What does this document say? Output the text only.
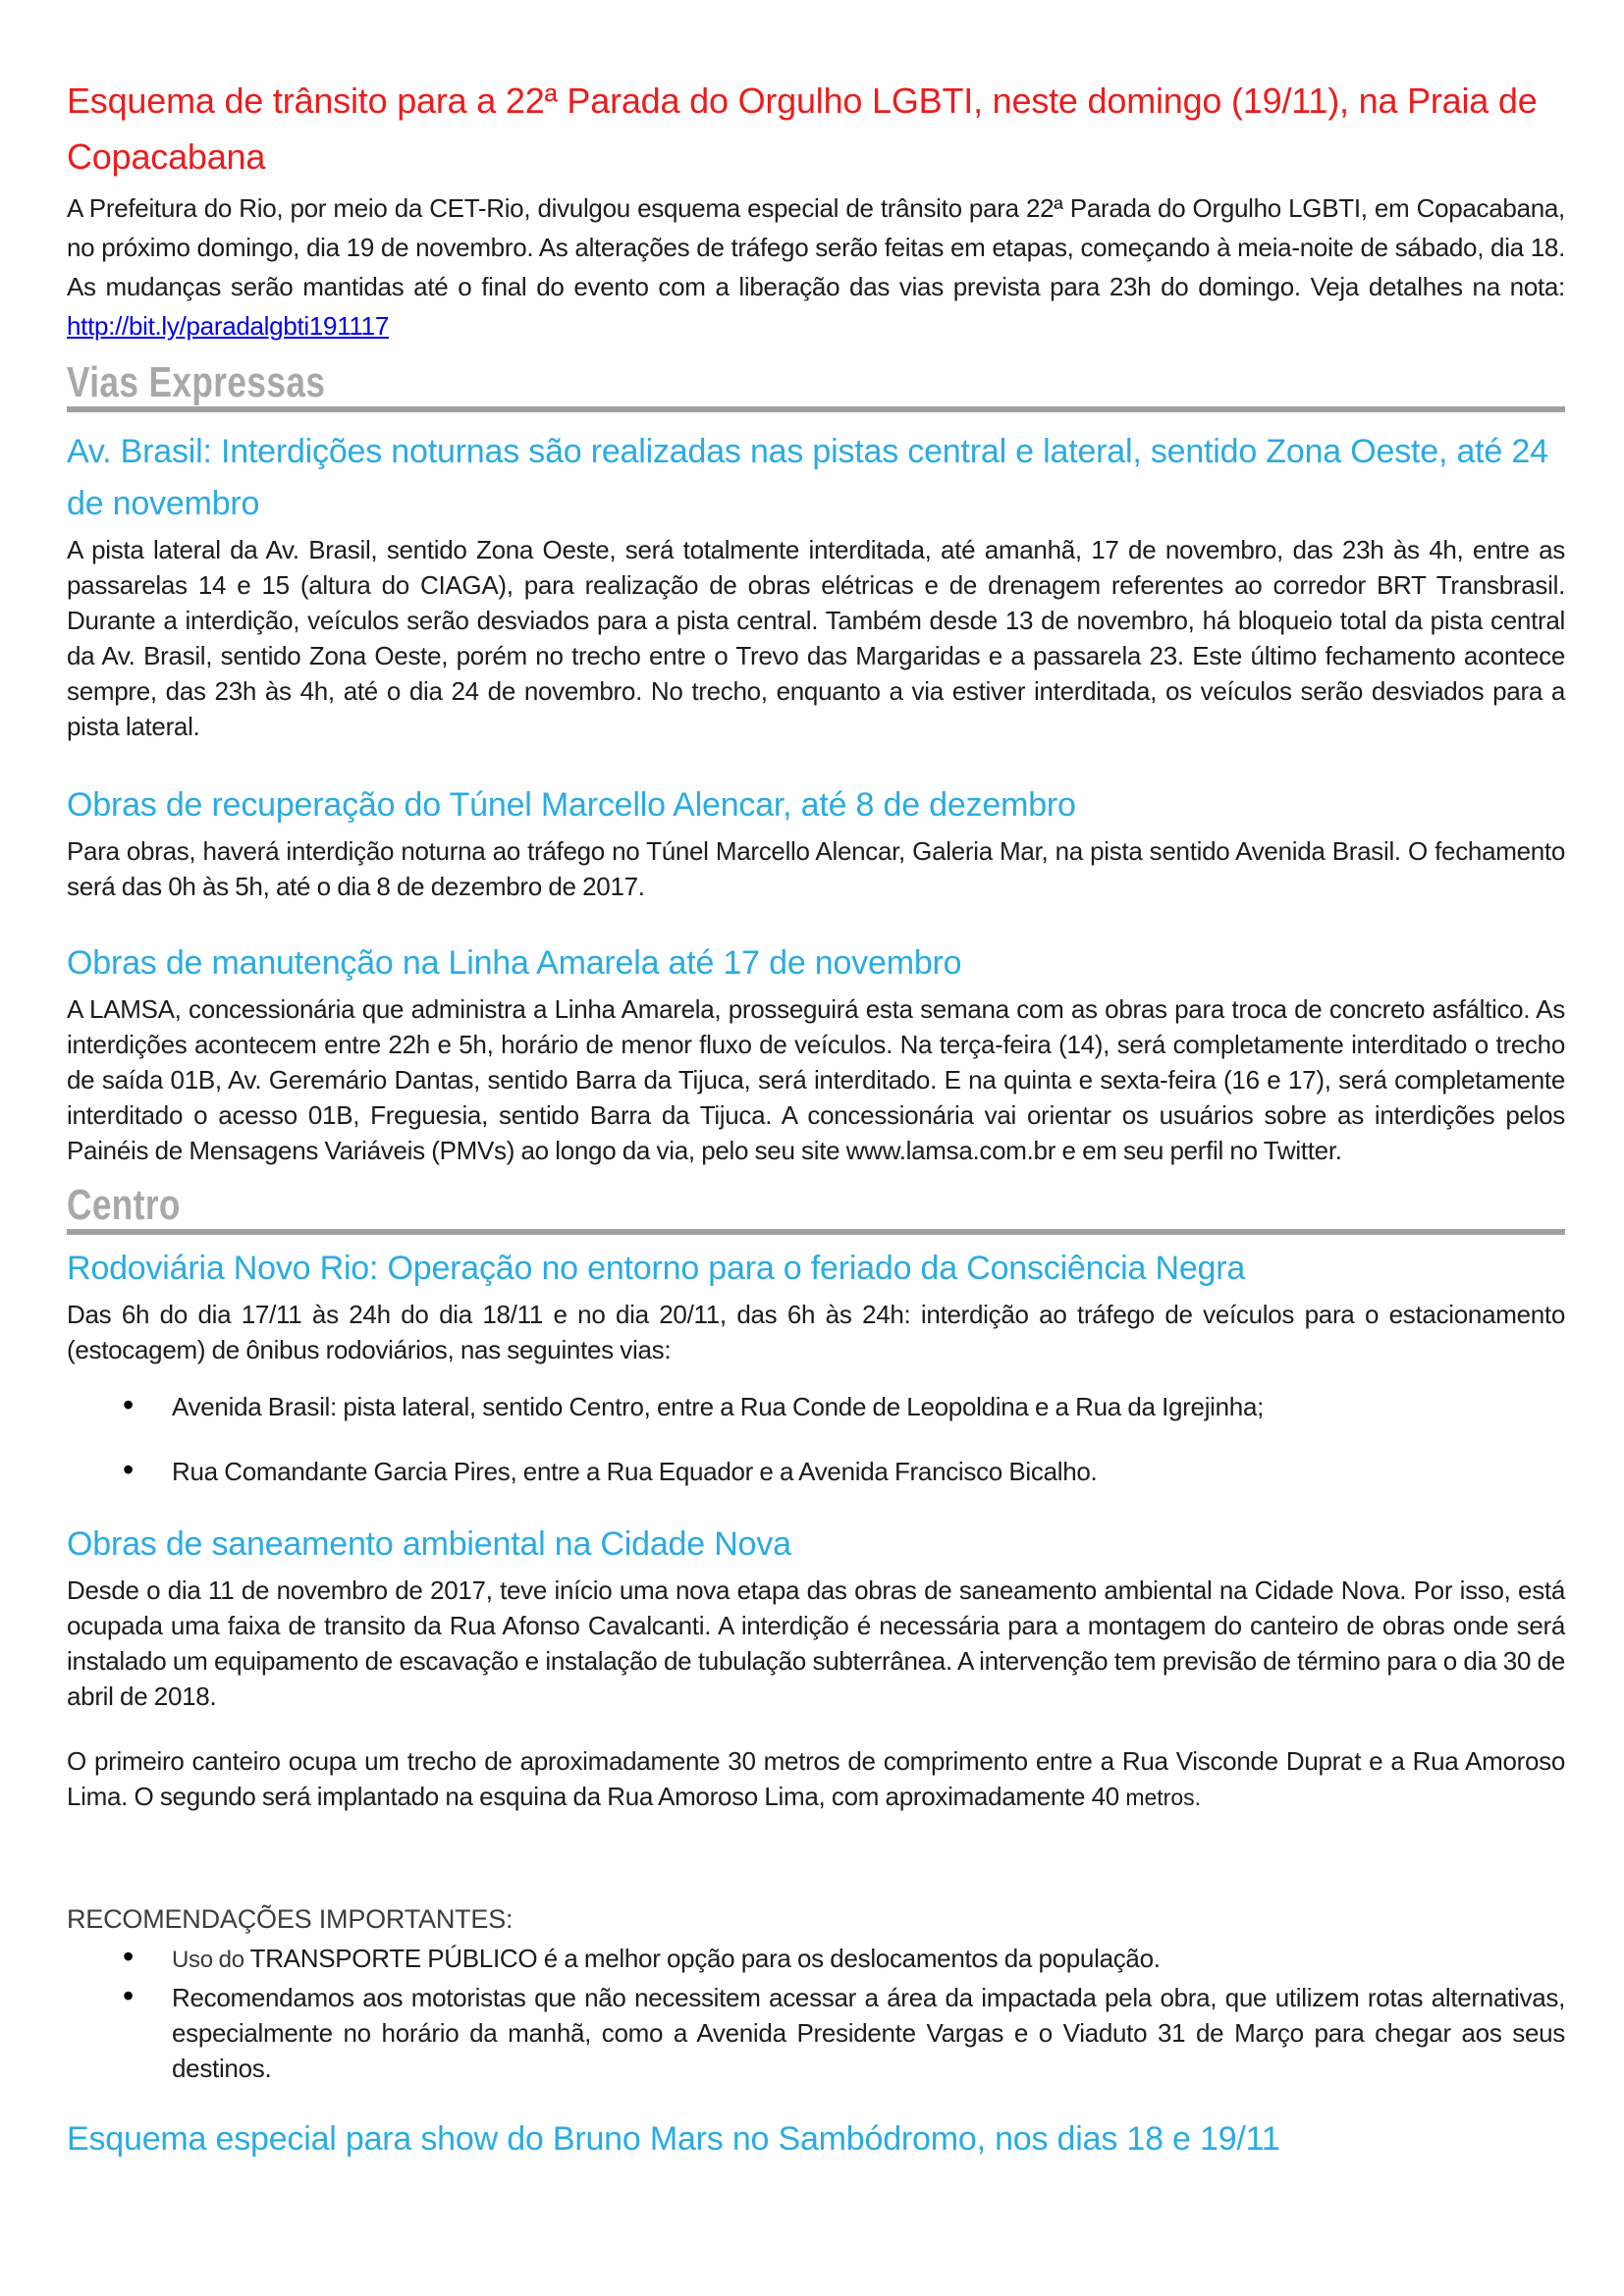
Esquema de trânsito para a 22ª Parada do Orgulho LGBTI, neste domingo (19/11), na Praia de Copacabana

A Prefeitura do Rio, por meio da CET-Rio, divulgou esquema especial de trânsito para 22ª Parada do Orgulho LGBTI, em Copacabana, no próximo domingo, dia 19 de novembro. As alterações de tráfego serão feitas em etapas, começando à meia-noite de sábado, dia 18. As mudanças serão mantidas até o final do evento com a liberação das vias prevista para 23h do domingo. Veja detalhes na nota: http://bit.ly/paradalgbti191117

Vias Expressas
Av. Brasil: Interdições noturnas são realizadas nas pistas central e lateral, sentido Zona Oeste, até 24 de novembro

A pista lateral da Av. Brasil, sentido Zona Oeste, será totalmente interditada, até amanhã, 17 de novembro, das 23h às 4h, entre as passarelas 14 e 15 (altura do CIAGA), para realização de obras elétricas e de drenagem referentes ao corredor BRT Transbrasil. Durante a interdição, veículos serão desviados para a pista central. Também desde 13 de novembro, há bloqueio total da pista central da Av. Brasil, sentido Zona Oeste, porém no trecho entre o Trevo das Margaridas e a passarela 23. Este último fechamento acontece sempre, das 23h às 4h, até o dia 24 de novembro. No trecho, enquanto a via estiver interditada, os veículos serão desviados para a pista lateral.

Obras de recuperação do Túnel Marcello Alencar, até 8 de dezembro

Para obras, haverá interdição noturna ao tráfego no Túnel Marcello Alencar, Galeria Mar, na pista sentido Avenida Brasil. O fechamento será das 0h às 5h, até o dia 8 de dezembro de 2017.

Obras de manutenção na Linha Amarela até 17 de novembro

A LAMSA, concessionária que administra a Linha Amarela, prosseguirá esta semana com as obras para troca de concreto asfáltico. As interdições acontecem entre 22h e 5h, horário de menor fluxo de veículos. Na terça-feira (14), será completamente interditado o trecho de saída 01B, Av. Geremário Dantas, sentido Barra da Tijuca, será interditado. E na quinta e sexta-feira (16 e 17), será completamente interditado o acesso 01B, Freguesia, sentido Barra da Tijuca. A concessionária vai orientar os usuários sobre as interdições pelos Painéis de Mensagens Variáveis (PMVs) ao longo da via, pelo seu site www.lamsa.com.br e em seu perfil no Twitter.

Centro
Rodoviária Novo Rio: Operação no entorno para o feriado da Consciência Negra

Das 6h do dia 17/11 às 24h do dia 18/11 e no dia 20/11, das 6h às 24h: interdição ao tráfego de veículos para o estacionamento (estocagem) de ônibus rodoviários, nas seguintes vias:

• Avenida Brasil: pista lateral, sentido Centro, entre a Rua Conde de Leopoldina e a Rua da Igrejinha;
• Rua Comandante Garcia Pires, entre a Rua Equador e a Avenida Francisco Bicalho.
Obras de saneamento ambiental na Cidade Nova

Desde o dia 11 de novembro de 2017, teve início uma nova etapa das obras de saneamento ambiental na Cidade Nova. Por isso, está ocupada uma faixa de transito da Rua Afonso Cavalcanti. A interdição é necessária para a montagem do canteiro de obras onde será instalado um equipamento de escavação e instalação de tubulação subterrânea. A intervenção tem previsão de término para o dia 30 de abril de 2018.

O primeiro canteiro ocupa um trecho de aproximadamente 30 metros de comprimento entre a Rua Visconde Duprat e a Rua Amoroso Lima. O segundo será implantado na esquina da Rua Amoroso Lima, com aproximadamente 40 metros.

RECOMENDAÇÕES IMPORTANTES:

• Uso do TRANSPORTE PÚBLICO é a melhor opção para os deslocamentos da população.
• Recomendamos aos motoristas que não necessitem acessar a área da impactada pela obra, que utilizem rotas alternativas, especialmente no horário da manhã, como a Avenida Presidente Vargas e o Viaduto 31 de Março para chegar aos seus destinos.
Esquema especial para show do Bruno Mars no Sambódromo, nos dias 18 e 19/11
